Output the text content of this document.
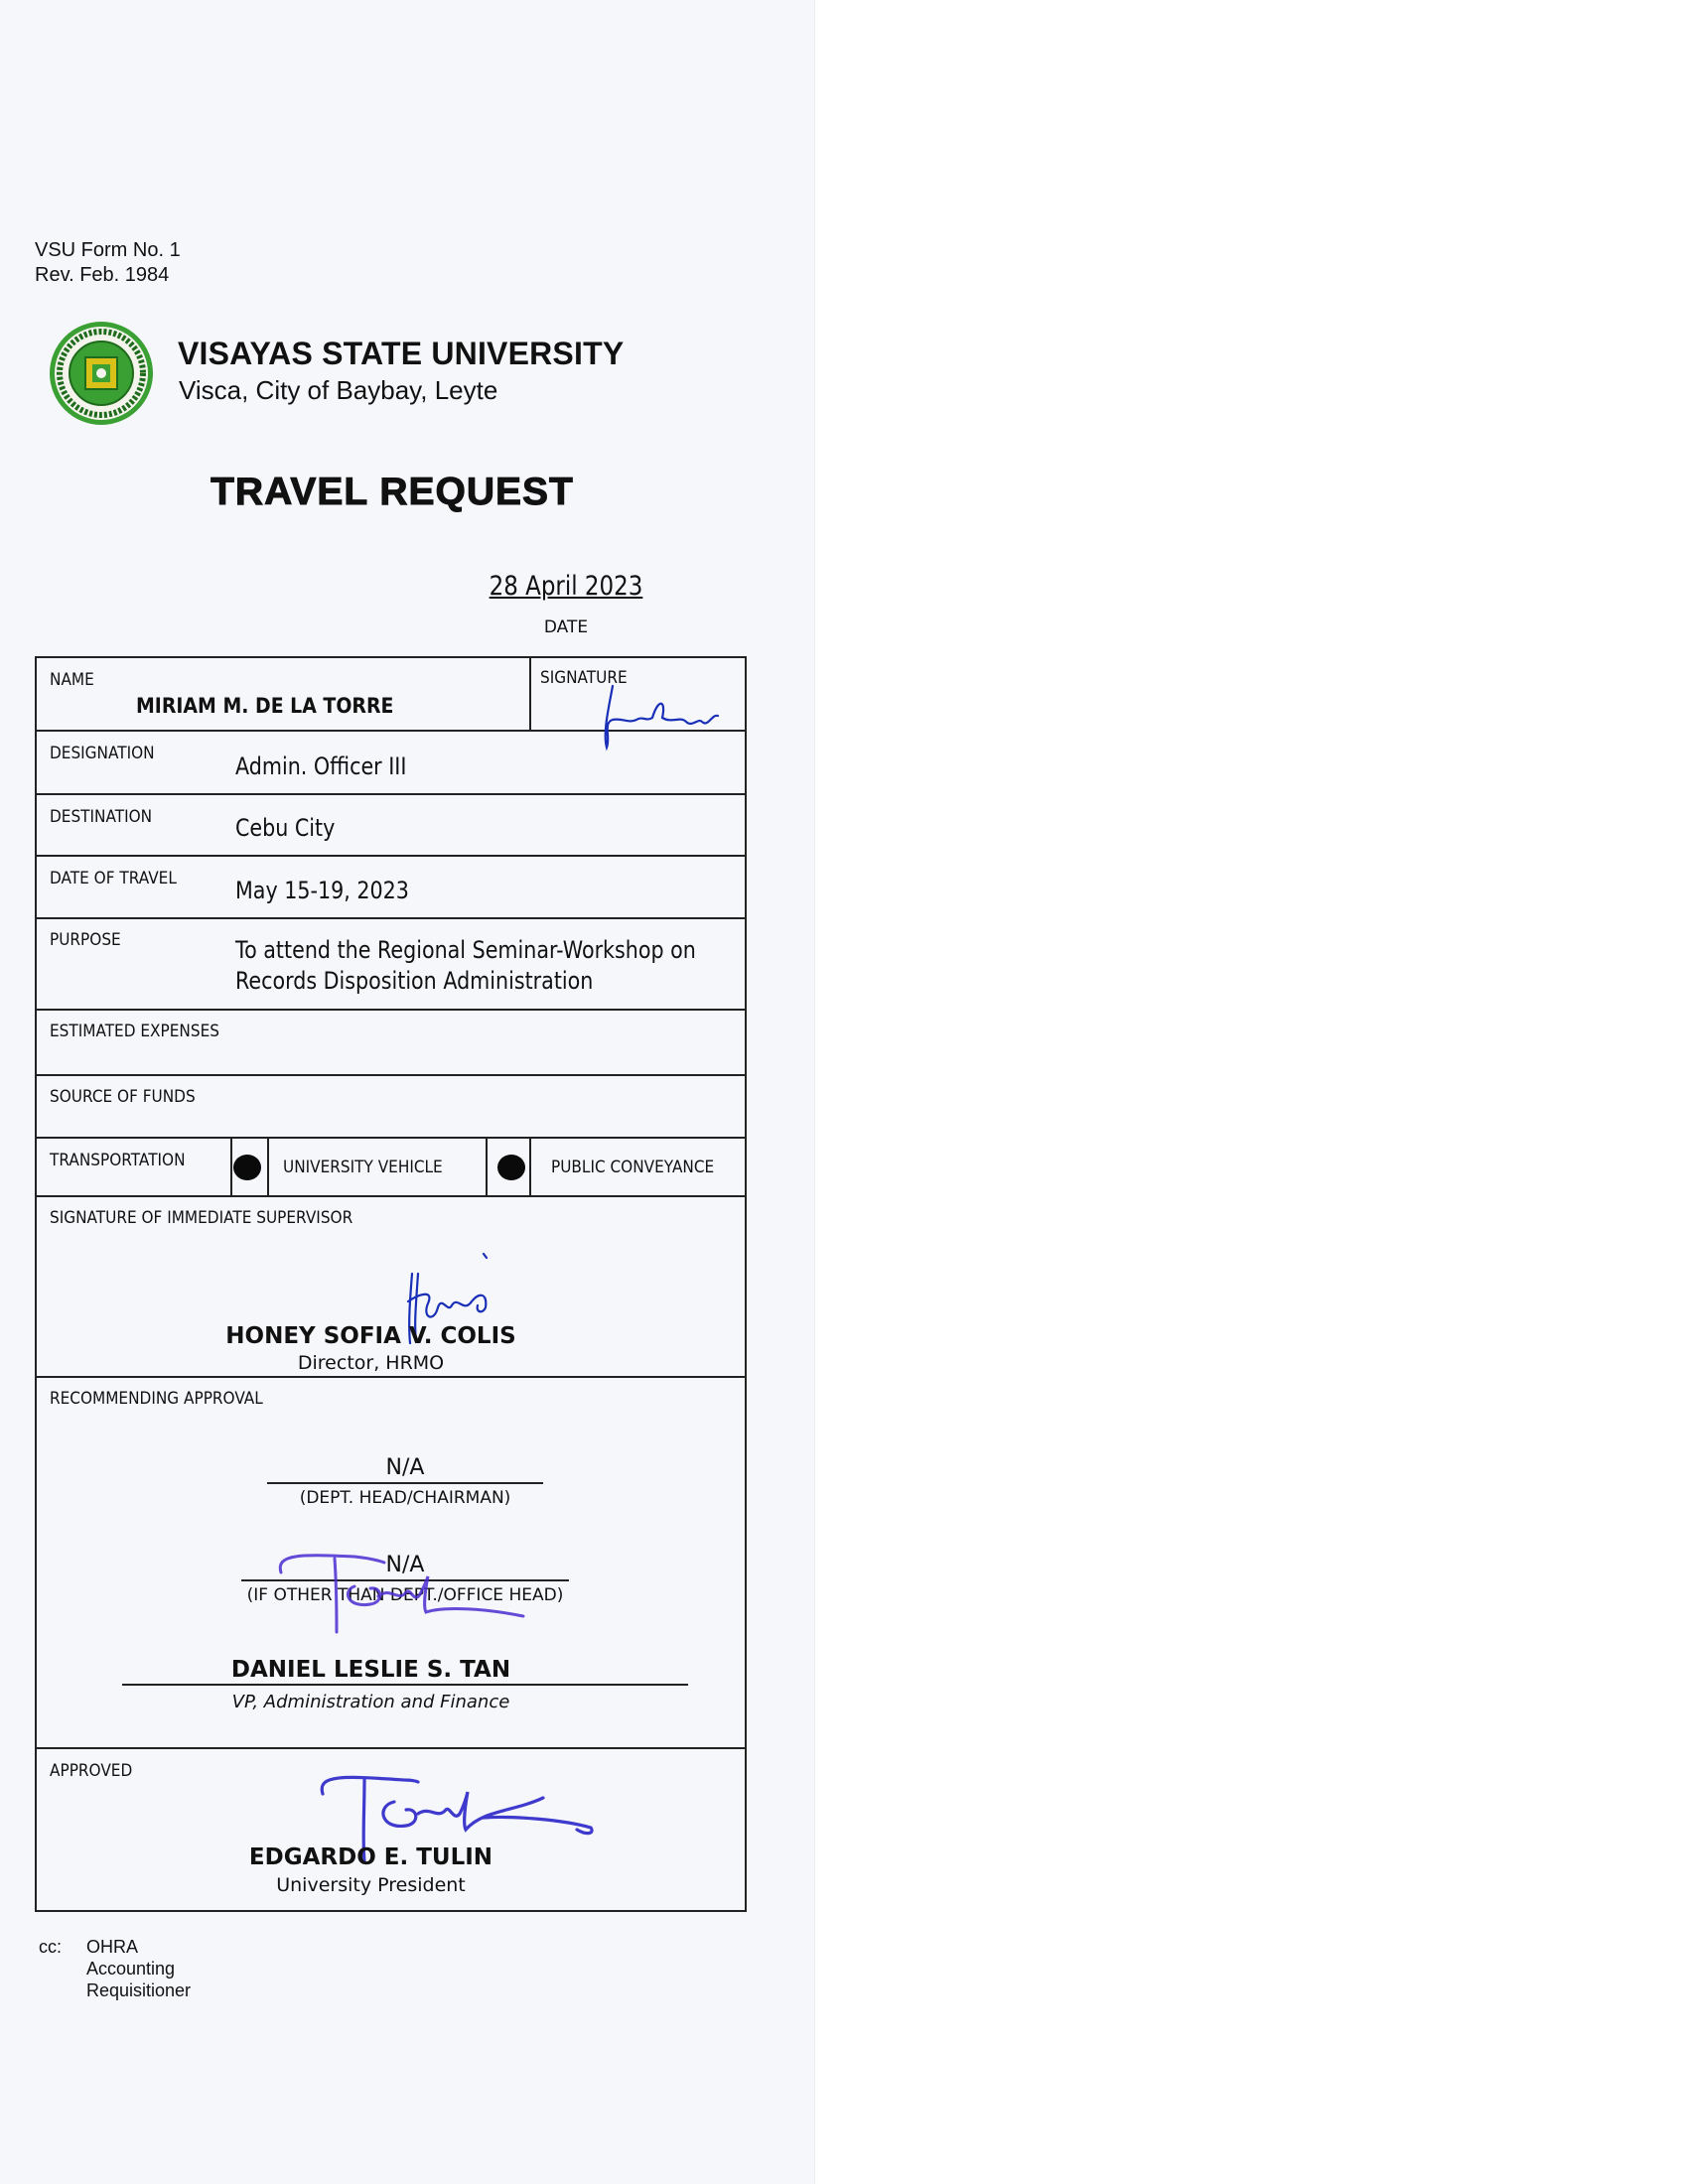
VSU Form No. 1
Rev. Feb. 1984
VISAYAS STATE UNIVERSITY
Visca, City of Baybay, Leyte
TRAVEL REQUEST
28 April 2023
DATE
NAME
MIRIAM M. DE LA TORRE
SIGNATURE
DESIGNATION	Admin. Officer III
DESTINATION	Cebu City
DATE OF TRAVEL May 15-19, 2023
PURPOSE	To attend the Regional Seminar-Workshop on
Records Disposition Administration
ESTIMATED EXPENSES
SOURCE OF FUNDS
TRANSPORTATION	UNIVERSITY VEHICLE	PUBLIC CONVEYANCE
SIGNATURE OF IMMEDIATE SUPERVISOR
HONEY SOFIA V. COLIS
Director, HRMO
RECOMMENDING APPROVAL
N/A
(DEPT. HEAD/CHAIRMAN)
N/A
(IF OTHER THAN DEPT./OFFICE HEAD)
DANIEL LESLIE S. TAN
VP, Administration and Finance
APPROVED
EDGARDO E. TULIN
University President
cc: OHRA
Accounting
Requisitioner
